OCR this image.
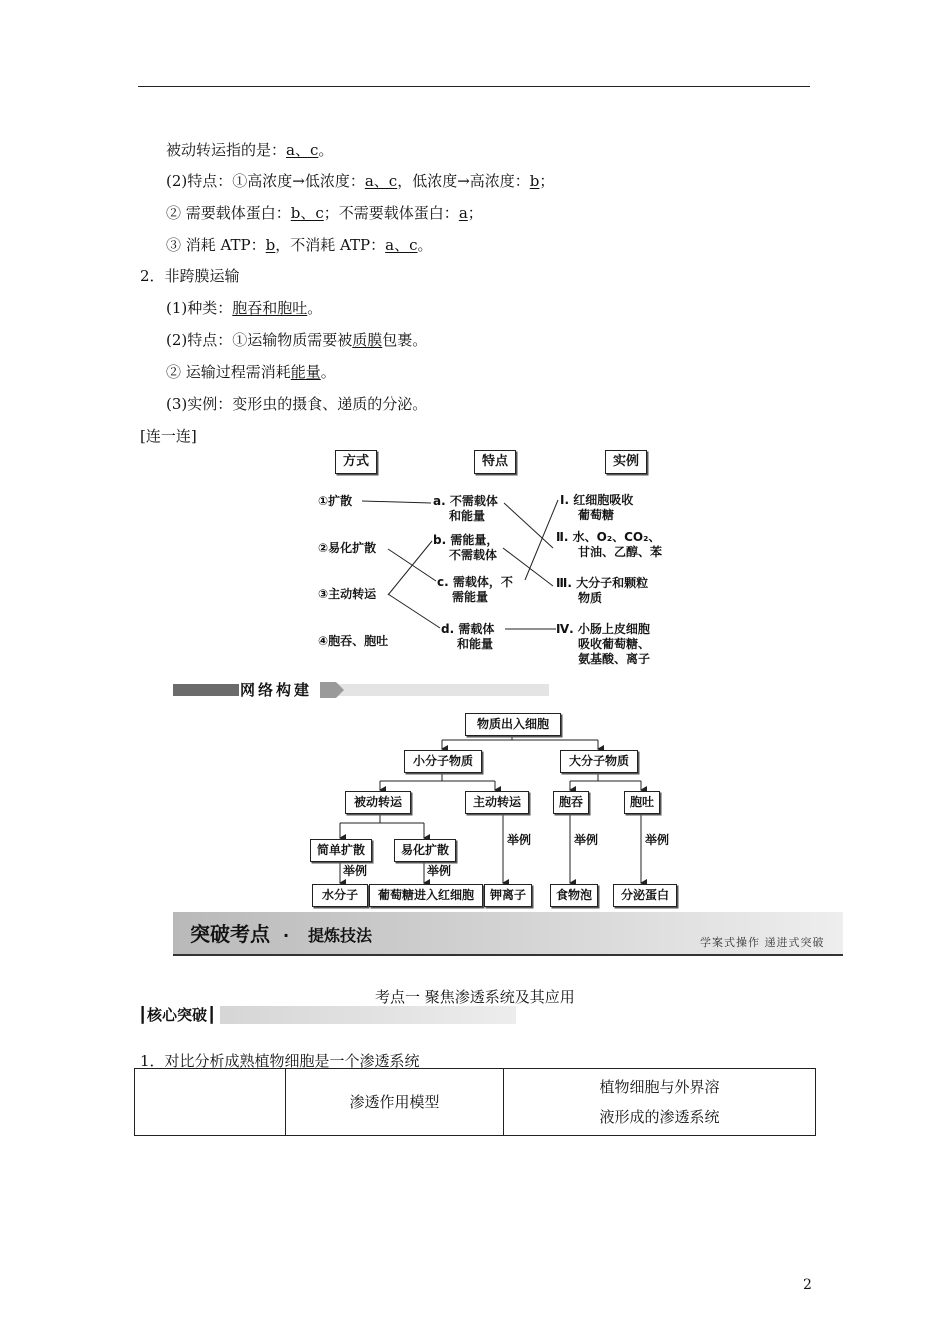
被动转运指的是：a、c。
(2)特点：①高浓度→低浓度：a、c，低浓度→高浓度：b；
② 需要载体蛋白：b、c；不需要载体蛋白：a；
③ 消耗 ATP：b，不消耗 ATP：a、c。
2．非跨膜运输
(1)种类：胞吞和胞吐。
(2)特点：①运输物质需要被质膜包裹。
② 运输过程需消耗能量。
(3)实例：变形虫的摄食、递质的分泌。
[连一连]
方式	特点	实例
①扩散
②易化扩散
③主动转运
④胞吞、胞吐
a. 不需载体
和能量
b. 需能量，
不需载体
c. 需载体，不
需能量
d. 需载体
和能量
Ⅰ. 红细胞吸收
葡萄糖
Ⅱ. 水、O₂、CO₂、
甘油、乙醇、苯
Ⅲ. 大分子和颗粒
物质
Ⅳ. 小肠上皮细胞
吸收葡萄糖、
氨基酸、离子
网络构建
物质出入细胞
小分子物质	大分子物质
被动转运	主动转运	胞吞	胞吐
简单扩散	易化扩散
水分子	葡萄糖进入红细胞	钾离子	食物泡	分泌蛋白
举例	举例
举例	举例	举例
突破考点 · 提炼技法	学案式操作 递进式突破
考点一 聚焦渗透系统及其应用
┃核心突破┃
1．对比分析成熟植物细胞是一个渗透系统
	渗透作用模型	
植物细胞与外界溶
液形成的渗透系统
2
